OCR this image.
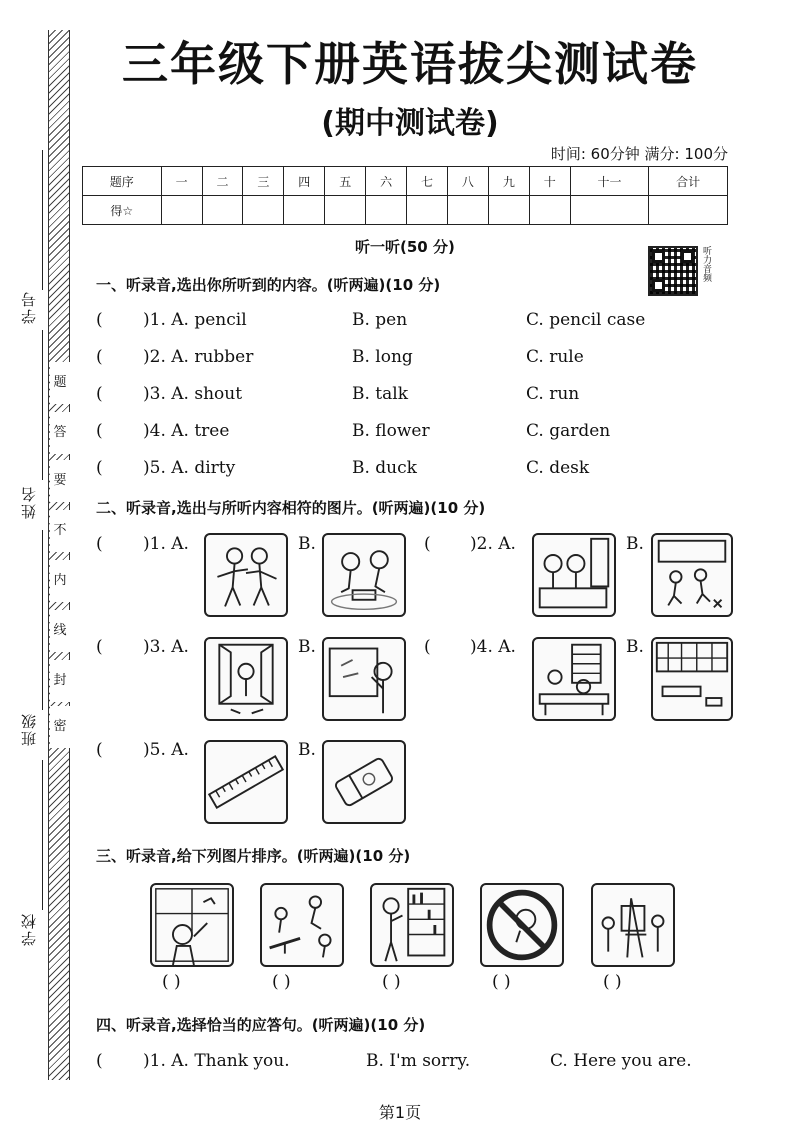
学号
姓名
班级
学校
题
答
要
不
内
线
封
密
三年级下册英语拔尖测试卷
(期中测试卷)
时间: 60分钟 满分: 100分
题序	一	二	三	四	五	六	七	八	九	十	十一	合计
得☆												
听一听(50 分)	听力音频
一、听录音,选出你所听到的内容。(听两遍)(10 分)
( )1. A. pencil	B. pen	C. pencil case
( )2. A. rubber	B. long	C. rule
( )3. A. shout	B. talk	C. run
( )4. A. tree	B. flower	C. garden
( )5. A. dirty	B. duck	C. desk
二、听录音,选出与所听内容相符的图片。(听两遍)(10 分)
( )1. A.	B.	( )2. A.	B.
( )3. A.	B.	( )4. A.	B.
( )5. A.	B.
三、听录音,给下列图片排序。(听两遍)(10 分)
( )	( )	( )	( )	( )
四、听录音,选择恰当的应答句。(听两遍)(10 分)
( )1. A. Thank you.	B. I'm sorry.	C. Here you are.
第1页
